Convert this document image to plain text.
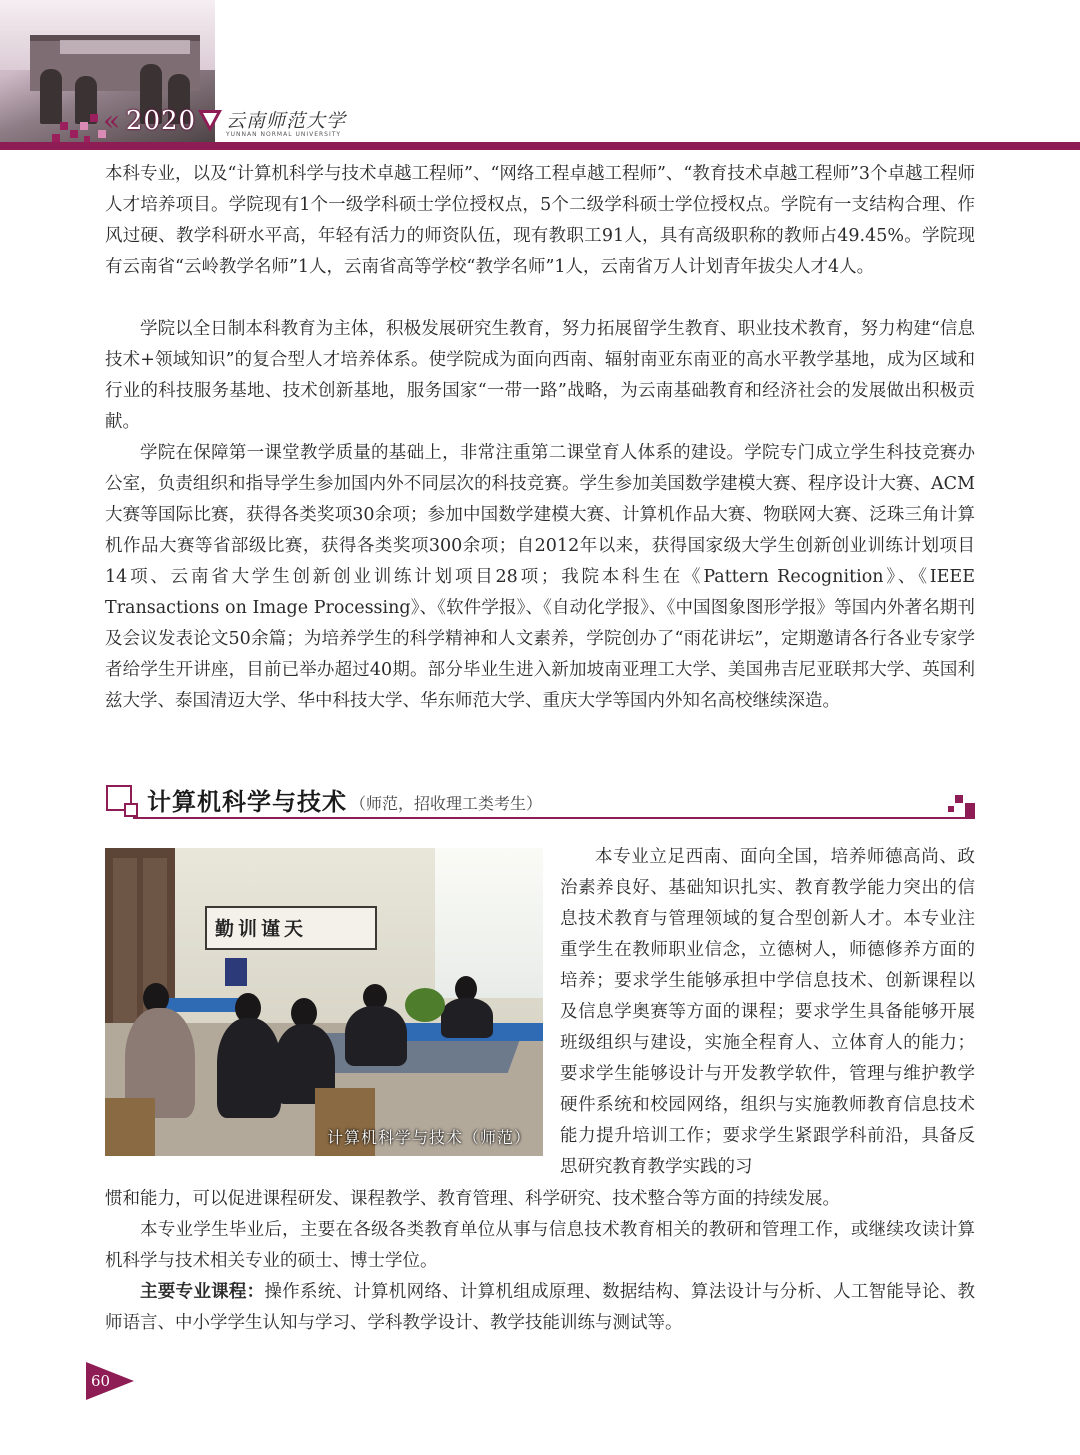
« 2020	云南师范大学
YUNNAN NORMAL UNIVERSITY

本科专业，以及“计算机科学与技术卓越工程师”、“网络工程卓越工程师”、“教育技术卓越工程师”3个卓越工程师人才培养项目。学院现有1个一级学科硕士学位授权点，5个二级学科硕士学位授权点。学院有一支结构合理、作风过硬、教学科研水平高，年轻有活力的师资队伍，现有教职工91人，具有高级职称的教师占49.45%。学院现有云南省“云岭教学名师”1人，云南省高等学校“教学名师”1人，云南省万人计划青年拔尖人才4人。

学院以全日制本科教育为主体，积极发展研究生教育，努力拓展留学生教育、职业技术教育，努力构建“信息技术+领域知识”的复合型人才培养体系。使学院成为面向西南、辐射南亚东南亚的高水平教学基地，成为区域和行业的科技服务基地、技术创新基地，服务国家“一带一路”战略，为云南基础教育和经济社会的发展做出积极贡献。

学院在保障第一课堂教学质量的基础上，非常注重第二课堂育人体系的建设。学院专门成立学生科技竞赛办公室，负责组织和指导学生参加国内外不同层次的科技竞赛。学生参加美国数学建模大赛、程序设计大赛、ACM大赛等国际比赛，获得各类奖项30余项；参加中国数学建模大赛、计算机作品大赛、物联网大赛、泛珠三角计算机作品大赛等省部级比赛，获得各类奖项300余项；自2012年以来，获得国家级大学生创新创业训练计划项目14项、云南省大学生创新创业训练计划项目28项；我院本科生在《Pattern Recognition》、《IEEE Transactions on Image Processing》、《软件学报》、《自动化学报》、《中国图象图形学报》等国内外著名期刊及会议发表论文50余篇；为培养学生的科学精神和人文素养，学院创办了“雨花讲坛”，定期邀请各行各业专家学者给学生开讲座，目前已举办超过40期。部分毕业生进入新加坡南亚理工大学、美国弗吉尼亚联邦大学、英国利兹大学、泰国清迈大学、华中科技大学、华东师范大学、重庆大学等国内外知名高校继续深造。

计算机科学与技术 （师范，招收理工类考生）
勤训谨天
计算机科学与技术（师范）

本专业立足西南、面向全国，培养师德高尚、政治素养良好、基础知识扎实、教育教学能力突出的信息技术教育与管理领域的复合型创新人才。本专业注重学生在教师职业信念，立德树人，师德修养方面的培养；要求学生能够承担中学信息技术、创新课程以及信息学奥赛等方面的课程；要求学生具备能够开展班级组织与建设，实施全程育人、立体育人的能力；要求学生能够设计与开发教学软件，管理与维护教学硬件系统和校园网络，组织与实施教师教育信息技术能力提升培训工作；要求学生紧跟学科前沿，具备反思研究教育教学实践的习

惯和能力，可以促进课程研发、课程教学、教育管理、科学研究、技术整合等方面的持续发展。

本专业学生毕业后，主要在各级各类教育单位从事与信息技术教育相关的教研和管理工作，或继续攻读计算机科学与技术相关专业的硕士、博士学位。

主要专业课程：操作系统、计算机网络、计算机组成原理、数据结构、算法设计与分析、人工智能导论、教师语言、中小学学生认知与学习、学科教学设计、教学技能训练与测试等。

60
